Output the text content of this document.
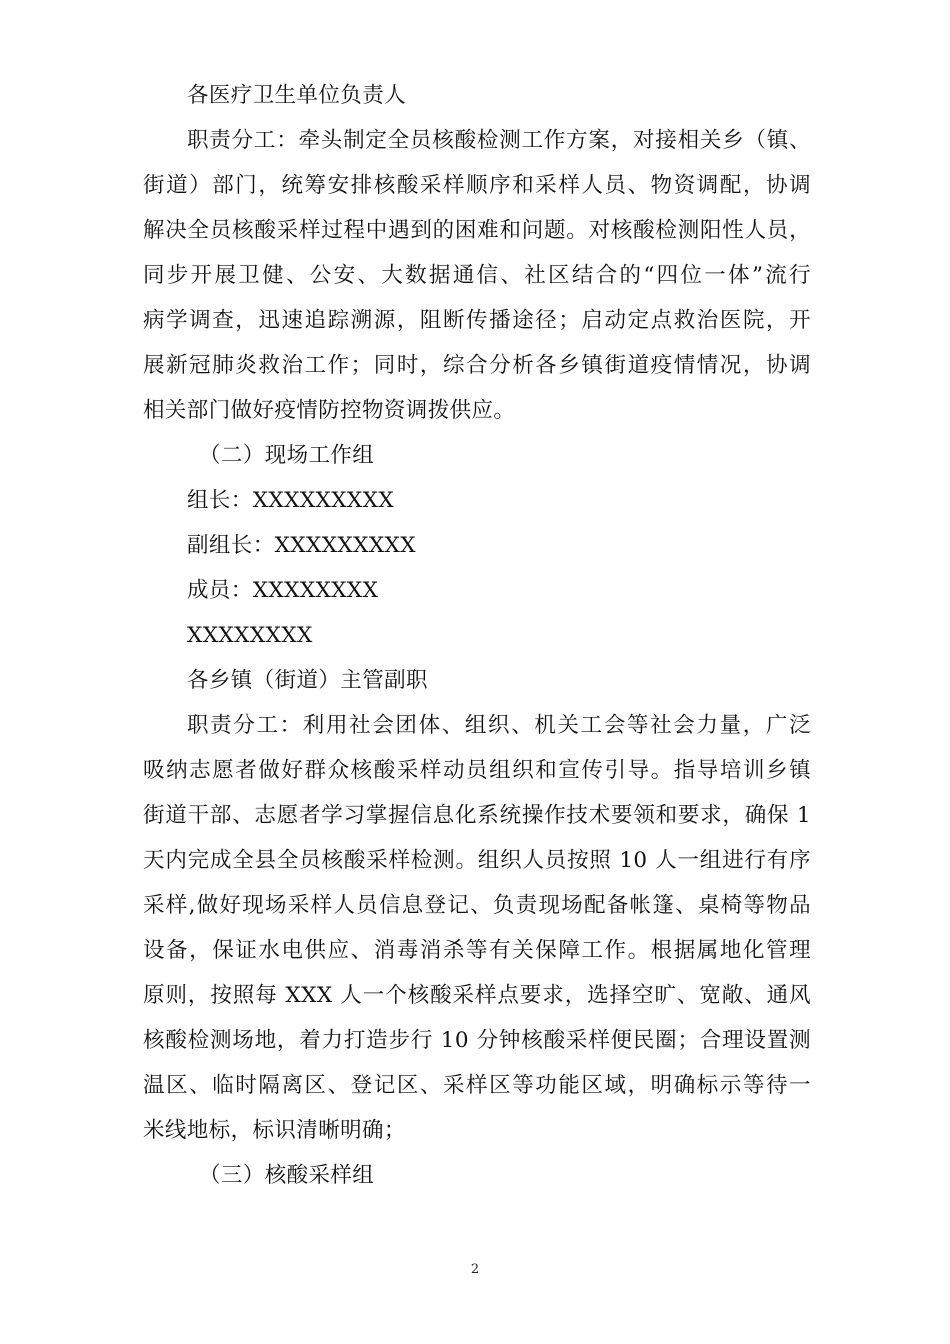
各医疗卫生单位负责人
职责分工：牵头制定全员核酸检测工作方案，对接相关乡（镇、
街道）部门，统筹安排核酸采样顺序和采样人员、物资调配，协调
解决全员核酸采样过程中遇到的困难和问题。对核酸检测阳性人员，
同步开展卫健、公安、大数据通信、社区结合的“四位一体”流行
病学调查，迅速追踪溯源，阻断传播途径；启动定点救治医院，开
展新冠肺炎救治工作；同时，综合分析各乡镇街道疫情情况，协调
相关部门做好疫情防控物资调拨供应。
（二）现场工作组
组长：XXXXXXXXX
副组长：XXXXXXXXX
成员：XXXXXXXX
XXXXXXXX
各乡镇（街道）主管副职
职责分工：利用社会团体、组织、机关工会等社会力量，广泛
吸纳志愿者做好群众核酸采样动员组织和宣传引导。指导培训乡镇
街道干部、志愿者学习掌握信息化系统操作技术要领和要求，确保 1
天内完成全县全员核酸采样检测。组织人员按照 10 人一组进行有序
采样,做好现场采样人员信息登记、负责现场配备帐篷、桌椅等物品
设备，保证水电供应、消毒消杀等有关保障工作。根据属地化管理
原则，按照每 XXX 人一个核酸采样点要求，选择空旷、宽敞、通风
核酸检测场地，着力打造步行 10 分钟核酸采样便民圈；合理设置测
温区、临时隔离区、登记区、采样区等功能区域，明确标示等待一
米线地标，标识清晰明确；
（三）核酸采样组
2
